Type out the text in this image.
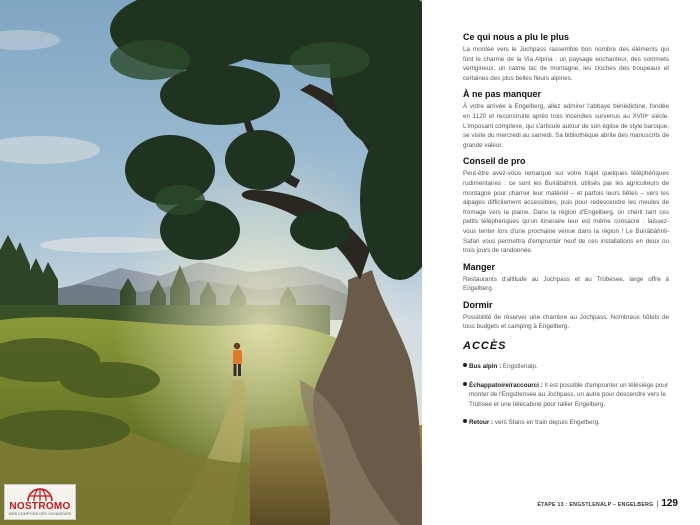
NOSTROMO
WEB COMPTOIR DES VOYAGEURS
Ce qui nous a plu le plus

La montée vers le Jochpass rassemble bon nombre des éléments qui font le charme de la Via Alpina : un paysage enchanteur, des sommets vertigineux, un calme lac de montagne, les cloches des troupeaux et certaines des plus belles fleurs alpines.

À ne pas manquer

À votre arrivée à Engelberg, allez admirer l'abbaye bénédictine, fondée en 1120 et reconstruite après trois incendies survenus au XVIIIᵉ siècle. L'imposant complexe, qui s'articule autour de son église de style baroque, se visite du mercredi au samedi. Sa bibliothèque abrite des manuscrits de grande valeur.

Conseil de pro

Peut-être avez-vous remarqué sur votre trajet quelques téléphériques rudimentaires : ce sont les Buiräbähnli, utilisés par les agriculteurs de montagne pour charrier leur matériel – et parfois leurs bêtes – vers les alpages difficilement accessibles, puis pour redescendre les meules de fromage vers la plaine. Dans la région d'Engelberg, on chérit tant ces petits téléphériques qu'un itinéraire leur est même consacré : laissez-vous tenter lors d'une prochaine venue dans la région ! Le Buiräbähnli-Safari vous permettra d'emprunter neuf de ces installations en deux ou trois jours de randonnée.

Manger

Restaurants d'altitude au Jochpass et au Trübesee, large offre à Engelberg.

Dormir

Possibilité de réserver une chambre au Jochpass. Nombreux hôtels de tous budgets et camping à Engelberg.

ACCÈS

Bus alpin : Engstlenalp.

Échappatoire/raccourci : Il est possible d'emprunter un télésiège pour monter de l'Engstlensee au Jochpass, un autre pour descendre vers le Trübsee et une télécabine pour rallier Engelberg.

Retour : vers Stans en train depuis Engelberg.

ÉTAPE 13 : ENGSTLENALP – ENGELBERG | 129
